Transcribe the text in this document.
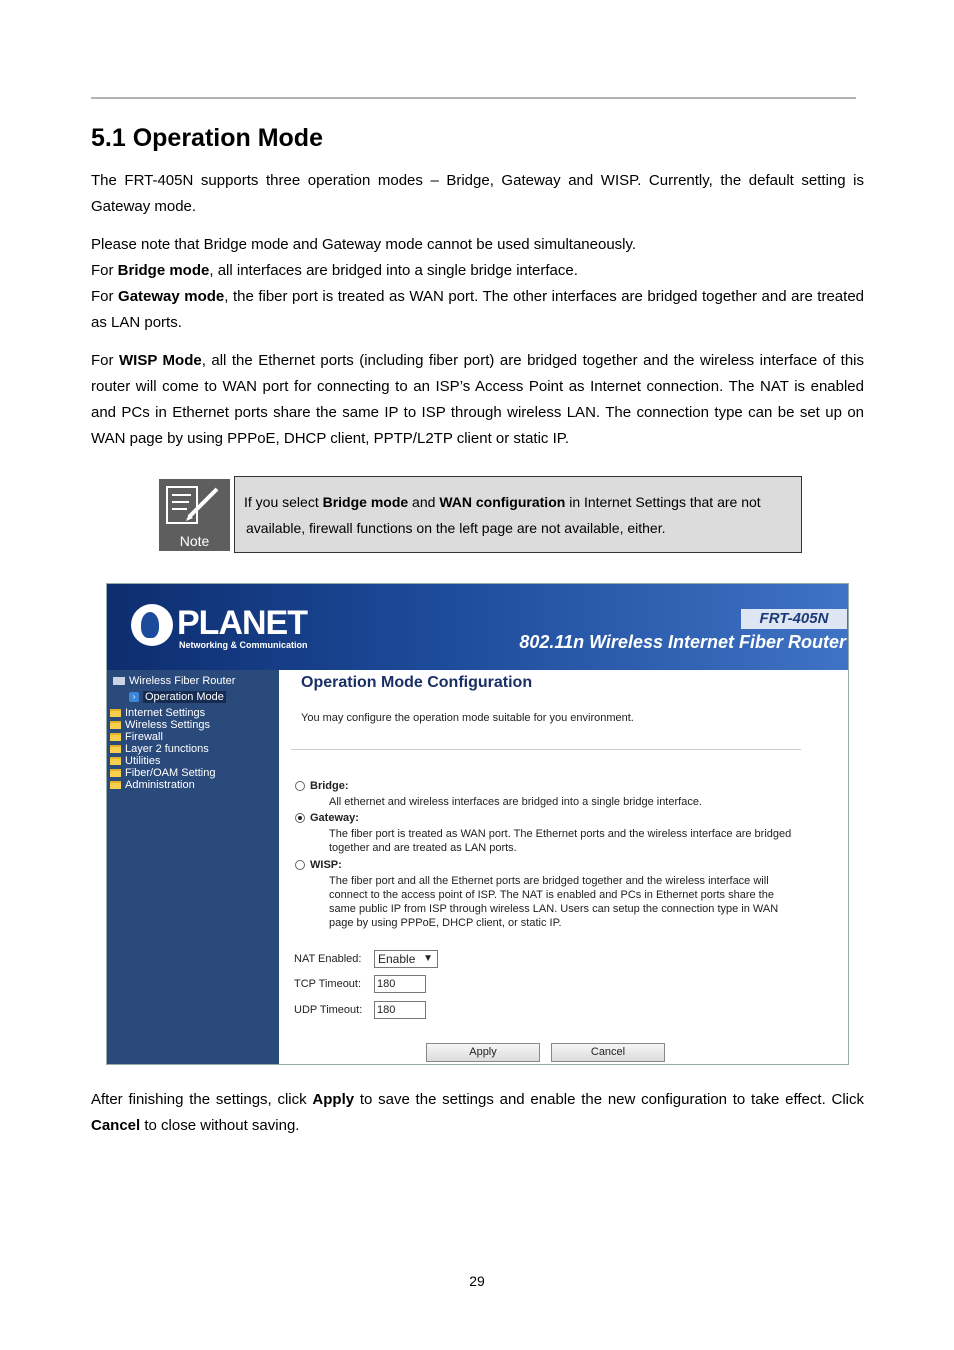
5.1 Operation Mode

The FRT-405N supports three operation modes – Bridge, Gateway and WISP. Currently, the default setting is Gateway mode.

Please note that Bridge mode and Gateway mode cannot be used simultaneously.
For Bridge mode, all interfaces are bridged into a single bridge interface.
For Gateway mode, the fiber port is treated as WAN port. The other interfaces are bridged together and are treated as LAN ports.

For WISP Mode, all the Ethernet ports (including fiber port) are bridged together and the wireless interface of this router will come to WAN port for connecting to an ISP’s Access Point as Internet connection. The NAT is enabled and PCs in Ethernet ports share the same IP to ISP through wireless LAN. The connection type can be set up on WAN page by using PPPoE, DHCP client, PPTP/L2TP client or static IP.

Note
If you select Bridge mode and WAN configuration in Internet Settings that are not
available, firewall functions on the left page are not available, either.
PLANET
Networking & Communication
FRT-405N
802.11n Wireless Internet Fiber Router
Wireless Fiber Router
› Operation Mode
Internet Settings
Wireless Settings
Firewall
Layer 2 functions
Utilities
Fiber/OAM Setting
Administration
Operation Mode Configuration
You may configure the operation mode suitable for you environment.
Bridge:
All ethernet and wireless interfaces are bridged into a single bridge interface.
Gateway:
The fiber port is treated as WAN port. The Ethernet ports and the wireless interface are bridged together and are treated as LAN ports.
WISP:
The fiber port and all the Ethernet ports are bridged together and the wireless interface will connect to the access point of ISP. The NAT is enabled and PCs in Ethernet ports share the same public IP from ISP through wireless LAN. Users can setup the connection type in WAN page by using PPPoE, DHCP client, or static IP.
NAT Enabled:	Enable ▼
TCP Timeout: 180
UDP Timeout: 180
Apply	Cancel

After finishing the settings, click Apply to save the settings and enable the new configuration to take effect. Click Cancel to close without saving.

29
